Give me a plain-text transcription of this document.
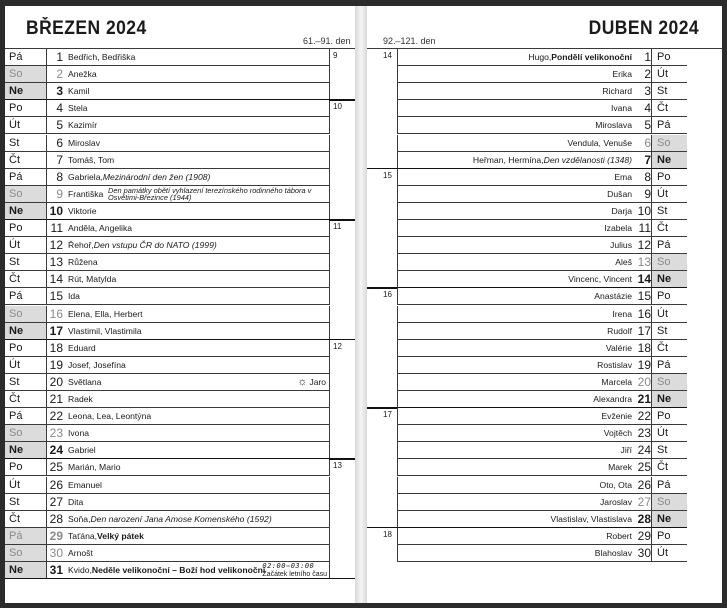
BŘEZEN 2024
61.–91. den
Pá	1 Bedřich, Bedřiška	9
So	2 Anežka
Ne	3 Kamil
Po	4 Stela	10
Út	5 Kazimír
St	6 Miroslav
Čt	7 Tomáš, Tom
Pá	8 Gabriela, Mezinárodní den žen (1908)
So	9 Františka Den památky obětí vyhlazení terezínského rodinného tábora v Osvětimi-Březince (1944)
Ne	10 Viktorie
Po	11 Anděla, Angelika	11
Út	12 Řehoř, Den vstupu ČR do NATO (1999)
St	13 Růžena
Čt	14 Rút, Matylda
Pá	15 Ida
So	16 Elena, Ella, Herbert
Ne	17 Vlastimil, Vlastimila
Po	18 Eduard	12
Út	19 Josef, Josefína
St	20 Světlana	☼ Jaro
Čt	21 Radek
Pá	22 Leona, Lea, Leontýna
So	23 Ivona
Ne	24 Gabriel
Po	25 Marián, Mario	13
Út	26 Emanuel
St	27 Dita
Čt	28 Soňa, Den narození Jana Amose Komenského (1592)
Pá	29 Taťána, Velký pátek
So	30 Arnošt
Ne	31 Kvido, Neděle velikonoční – Boží hod velikonoční
02:00⇨03:00
Začátek letního času
DUBEN 2024
92.–121. den
14	Hugo, Pondělí velikonoční	1 Po
Erika	2 Út
Richard	3 St
Ivana	4 Čt
Miroslava	5 Pá
Vendula, Venuše	6 So
Heřman, Hermína, Den vzdělanosti (1348)	7 Ne
15	Ema	8 Po
Dušan	9 Út
Darja 10 St
Izabela 11 Čt
Julius 12 Pá
Aleš 13 So
Vincenc, Vincent 14 Ne
16	Anastázie 15 Po
Irena 16 Út
Rudolf 17 St
Valérie 18 Čt
Rostislav 19 Pá
Marcela 20 So
Alexandra 21 Ne
17	Evženie 22 Po
Vojtěch 23 Út
Jiří 24 St
Marek 25 Čt
Oto, Ota 26 Pá
Jaroslav 27 So
Vlastislav, Vlastislava 28 Ne
18	Robert 29 Po
Blahoslav 30 Út
